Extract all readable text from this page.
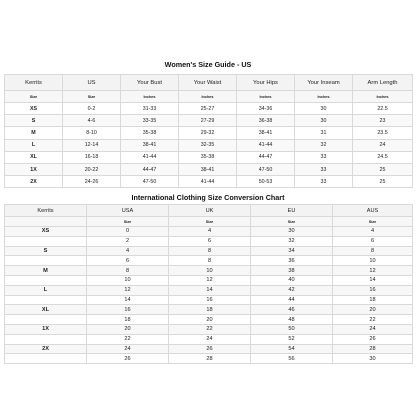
Women's Size Guide - US
Kerrits	US	Your Bust	Your Waist	Your Hips	Your Inseam	Arm Length
Size	Size	Inches	Inches	Inches	Inches	Inches
XS	0-2	31-33	25-27	34-36	30	22.5
S	4-6	33-35	27-29	36-38	30	23
M	8-10	35-38	29-32	38-41	31	23.5
L	12-14	38-41	32-35	41-44	32	24
XL	16-18	41-44	35-38	44-47	33	24.5
1X	20-22	44-47	38-41	47-50	33	25
2X	24-26	47-50	41-44	50-53	33	25
International Clothing Size Conversion Chart
Kerrits	USA	UK	EU	AUS
	Size	Size	Size	Size
XS	0	4	30	4
	2	6	32	6
S	4	8	34	8
	6	8	36	10
M	8	10	38	12
	10	12	40	14
L	12	14	42	16
	14	16	44	18
XL	16	18	46	20
	18	20	48	22
1X	20	22	50	24
	22	24	52	26
2X	24	26	54	28
	26	28	56	30
